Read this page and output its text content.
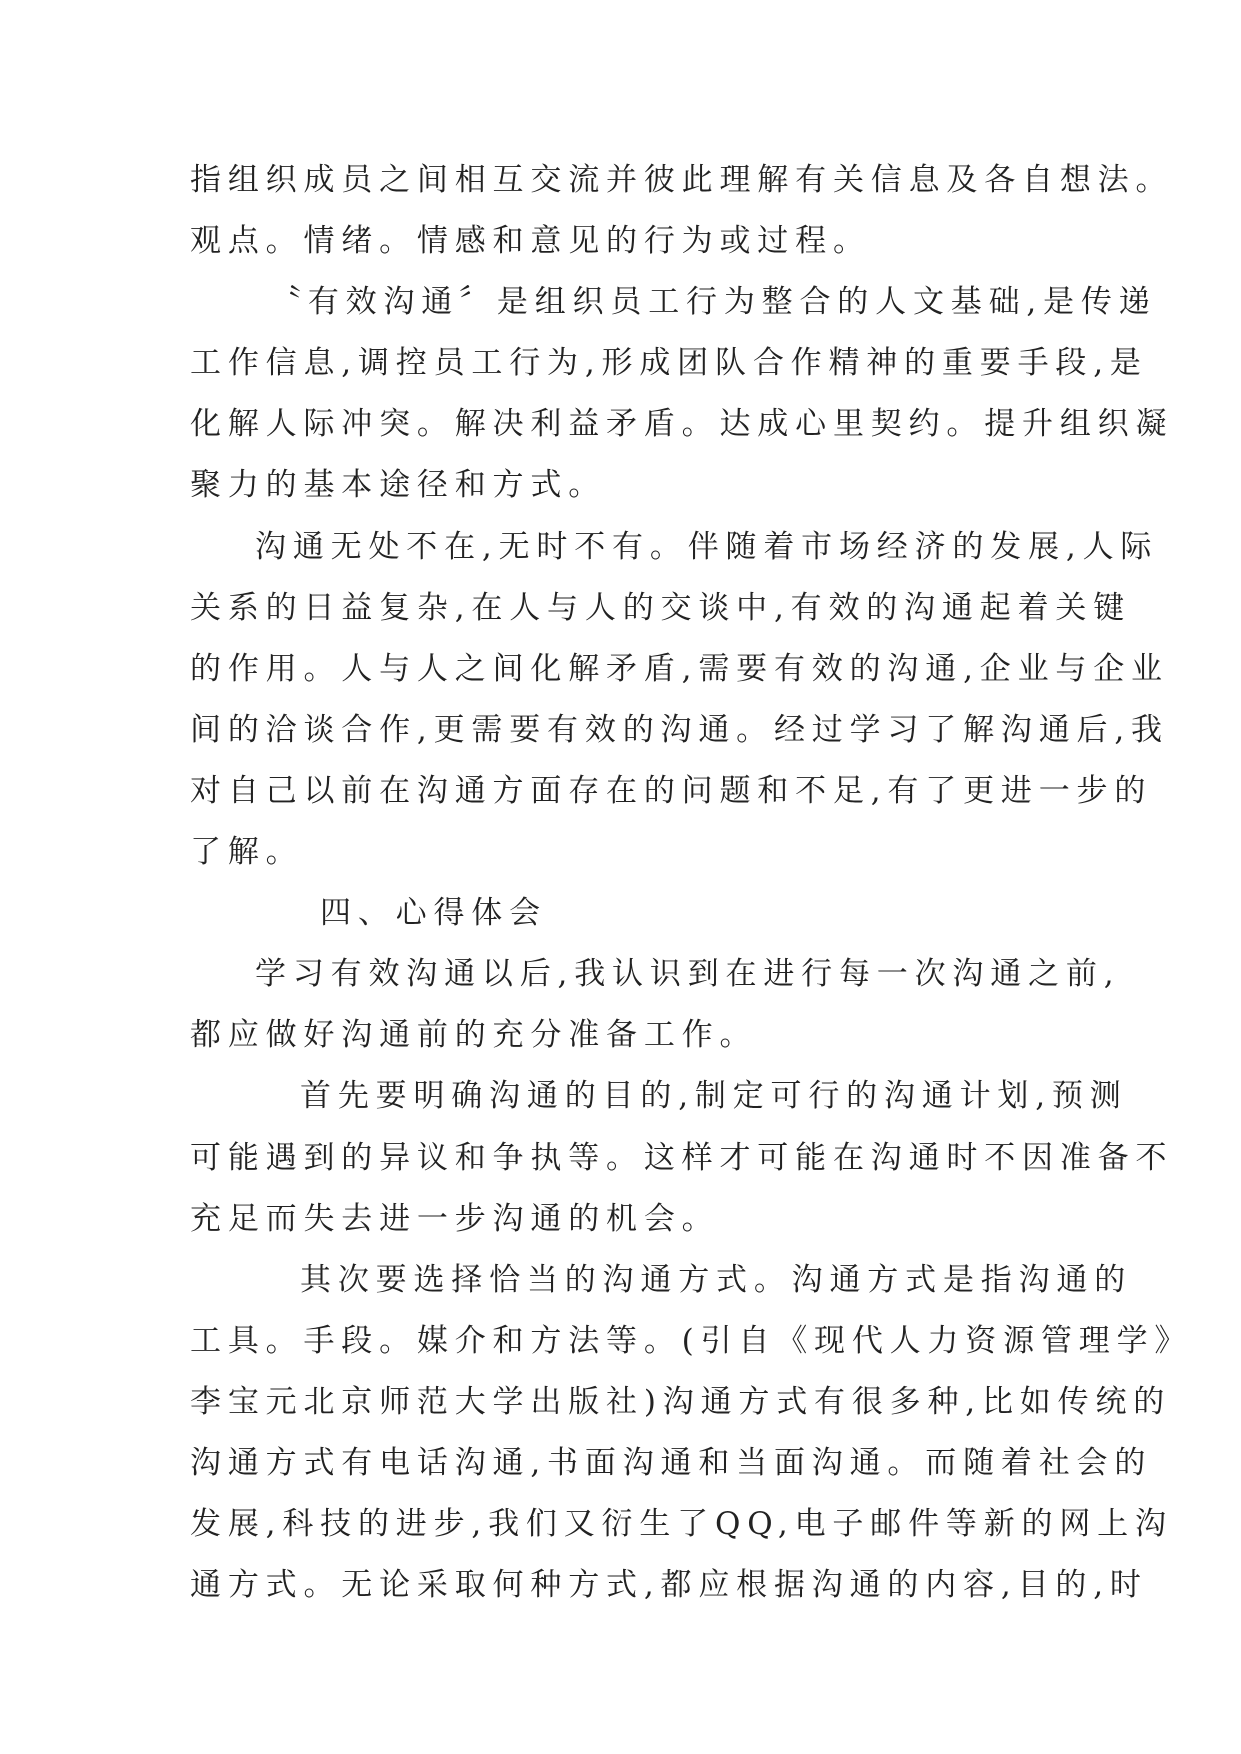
指组织成员之间相互交流并彼此理解有关信息及各自想法。
观点。情绪。情感和意见的行为或过程。
〝有效沟通〞是组织员工行为整合的人文基础,是传递
工作信息,调控员工行为,形成团队合作精神的重要手段,是
化解人际冲突。解决利益矛盾。达成心里契约。提升组织凝
聚力的基本途径和方式。
沟通无处不在,无时不有。伴随着市场经济的发展,人际
关系的日益复杂,在人与人的交谈中,有效的沟通起着关键
的作用。人与人之间化解矛盾,需要有效的沟通,企业与企业
间的洽谈合作,更需要有效的沟通。经过学习了解沟通后,我
对自己以前在沟通方面存在的问题和不足,有了更进一步的
了解。
四、心得体会
学习有效沟通以后,我认识到在进行每一次沟通之前,
都应做好沟通前的充分准备工作。
首先要明确沟通的目的,制定可行的沟通计划,预测
可能遇到的异议和争执等。这样才可能在沟通时不因准备不
充足而失去进一步沟通的机会。
其次要选择恰当的沟通方式。沟通方式是指沟通的
工具。手段。媒介和方法等。(引自《现代人力资源管理学》
李宝元北京师范大学出版社)沟通方式有很多种,比如传统的
沟通方式有电话沟通,书面沟通和当面沟通。而随着社会的
发展,科技的进步,我们又衍生了QQ,电子邮件等新的网上沟
通方式。无论采取何种方式,都应根据沟通的内容,目的,时
